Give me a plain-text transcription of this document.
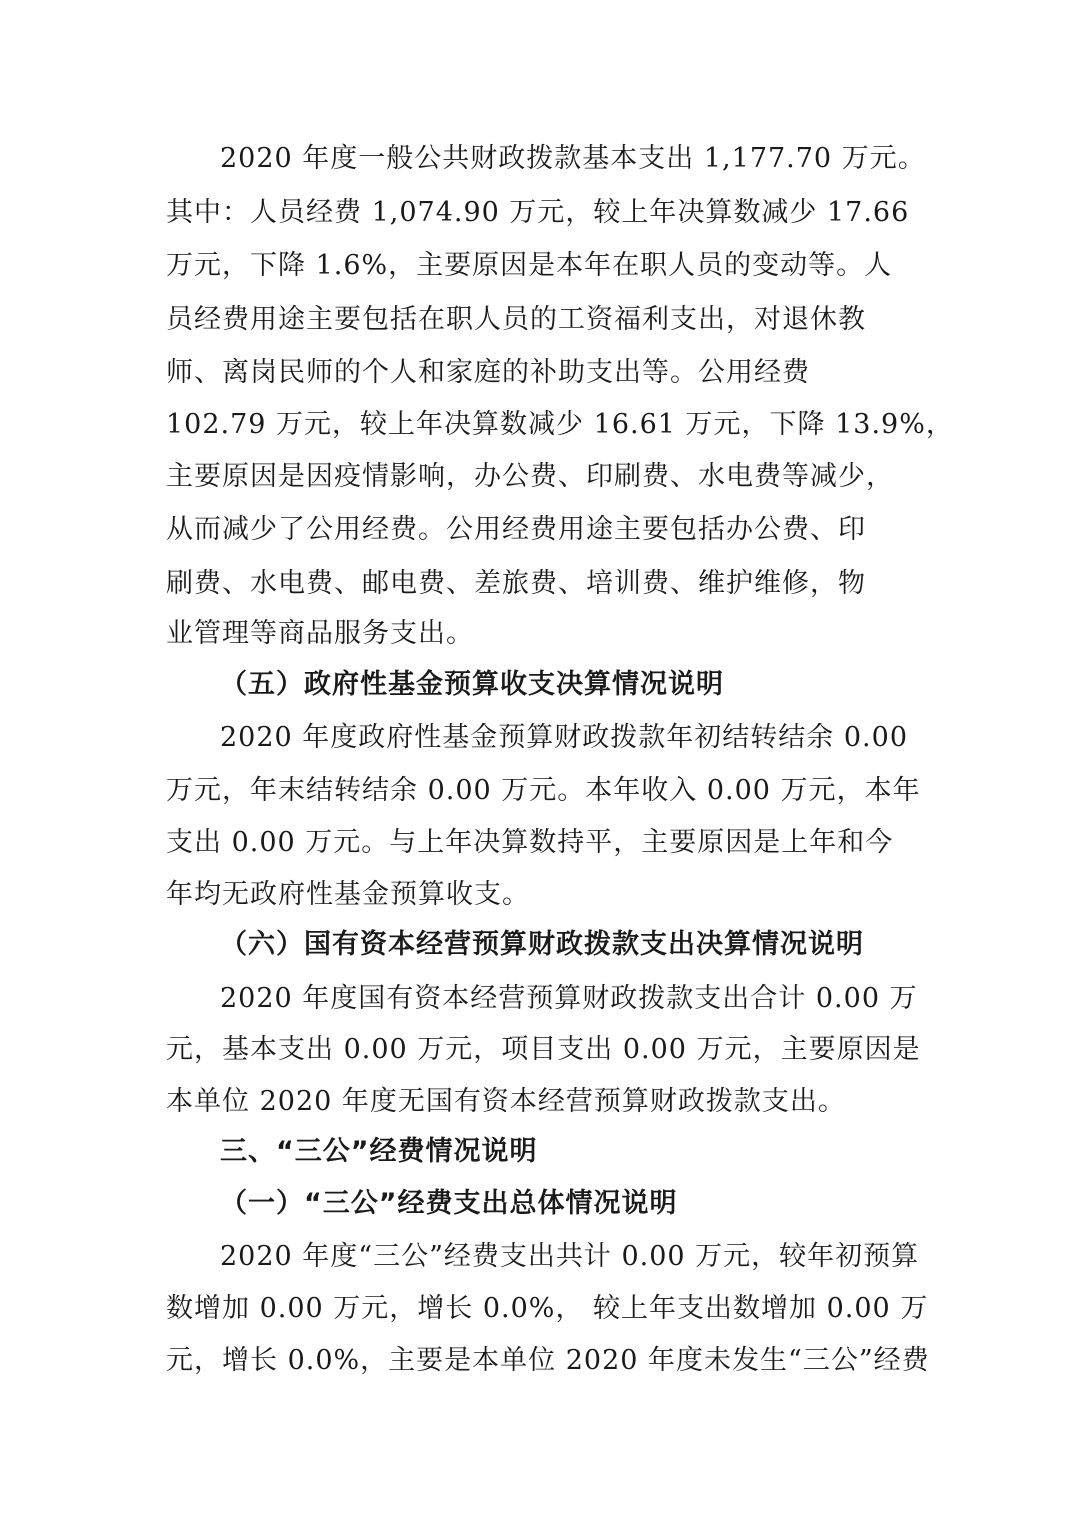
2020 年度一般公共财政拨款基本支出 1,177.70 万元。
其中：人员经费 1,074.90 万元，较上年决算数减少 17.66
万元，下降 1.6%，主要原因是本年在职人员的变动等。人
员经费用途主要包括在职人员的工资福利支出，对退休教
师、离岗民师的个人和家庭的补助支出等。公用经费
102.79 万元，较上年决算数减少 16.61 万元，下降 13.9%，
主要原因是因疫情影响，办公费、印刷费、水电费等减少，
从而减少了公用经费。公用经费用途主要包括办公费、印
刷费、水电费、邮电费、差旅费、培训费、维护维修，物
业管理等商品服务支出。
（五）政府性基金预算收支决算情况说明
2020 年度政府性基金预算财政拨款年初结转结余 0.00
万元，年末结转结余 0.00 万元。本年收入 0.00 万元，本年
支出 0.00 万元。与上年决算数持平，主要原因是上年和今
年均无政府性基金预算收支。
（六）国有资本经营预算财政拨款支出决算情况说明
2020 年度国有资本经营预算财政拨款支出合计 0.00 万
元，基本支出 0.00 万元，项目支出 0.00 万元，主要原因是
本单位 2020 年度无国有资本经营预算财政拨款支出。
三、“三公”经费情况说明
（一）“三公”经费支出总体情况说明
2020 年度“三公”经费支出共计 0.00 万元，较年初预算
数增加 0.00 万元，增长 0.0%， 较上年支出数增加 0.00 万
元，增长 0.0%，主要是本单位 2020 年度未发生“三公”经费
